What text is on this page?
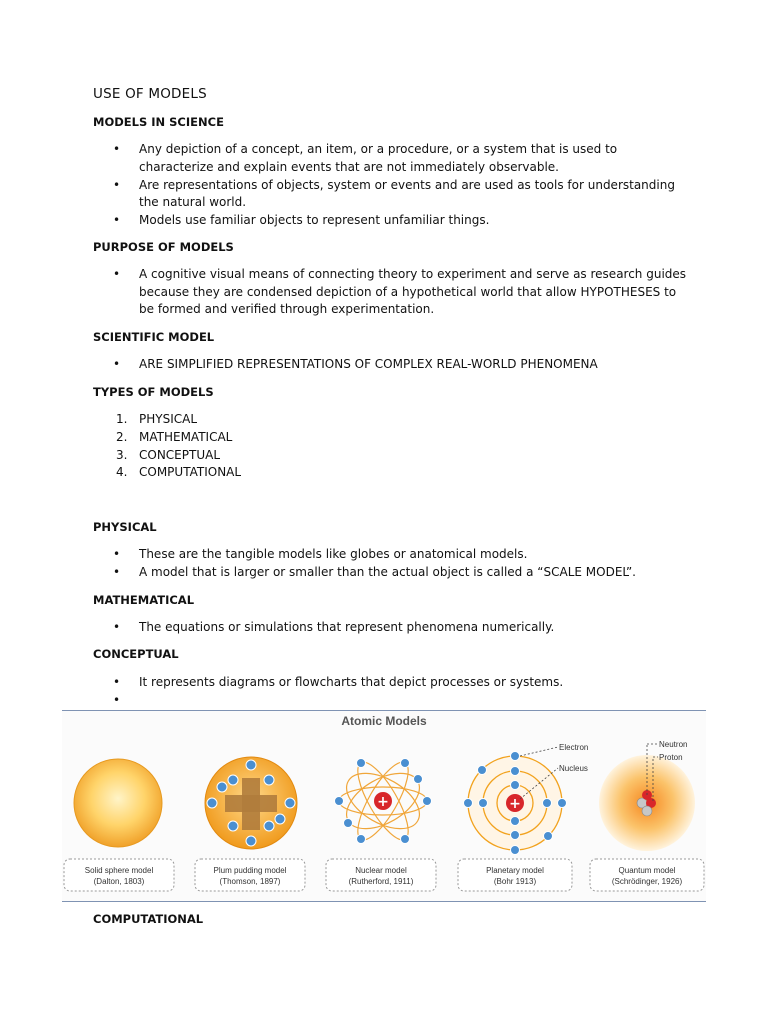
USE OF MODELS
MODELS IN SCIENCE
• Any depiction of a concept, an item, or a procedure, or a system that is used to characterize and explain events that are not immediately observable.
• Are representations of objects, system or events and are used as tools for understanding the natural world.
• Models use familiar objects to represent unfamiliar things.
PURPOSE OF MODELS
• A cognitive visual means of connecting theory to experiment and serve as research guides because they are condensed depiction of a hypothetical world that allow HYPOTHESES to be formed and verified through experimentation.
SCIENTIFIC MODEL
• ARE SIMPLIFIED REPRESENTATIONS OF COMPLEX REAL-WORLD PHENOMENA
TYPES OF MODELS
1. PHYSICAL
2. MATHEMATICAL
3. CONCEPTUAL
4. COMPUTATIONAL
PHYSICAL
• These are the tangible models like globes or anatomical models.
• A model that is larger or smaller than the actual object is called a “SCALE MODEL”.
MATHEMATICAL
• The equations or simulations that represent phenomena numerically.
CONCEPTUAL
• It represents diagrams or flowcharts that depict processes or systems.
•
COMPUTATIONAL
Atomic Models
+	+
Electron
Nucleus
Neutron
Proton
Solid sphere model
(Dalton, 1803)
Plum pudding model
(Thomson, 1897)
Nuclear model
(Rutherford, 1911)
Planetary model
(Bohr 1913)
Quantum model
(Schrödinger, 1926)
